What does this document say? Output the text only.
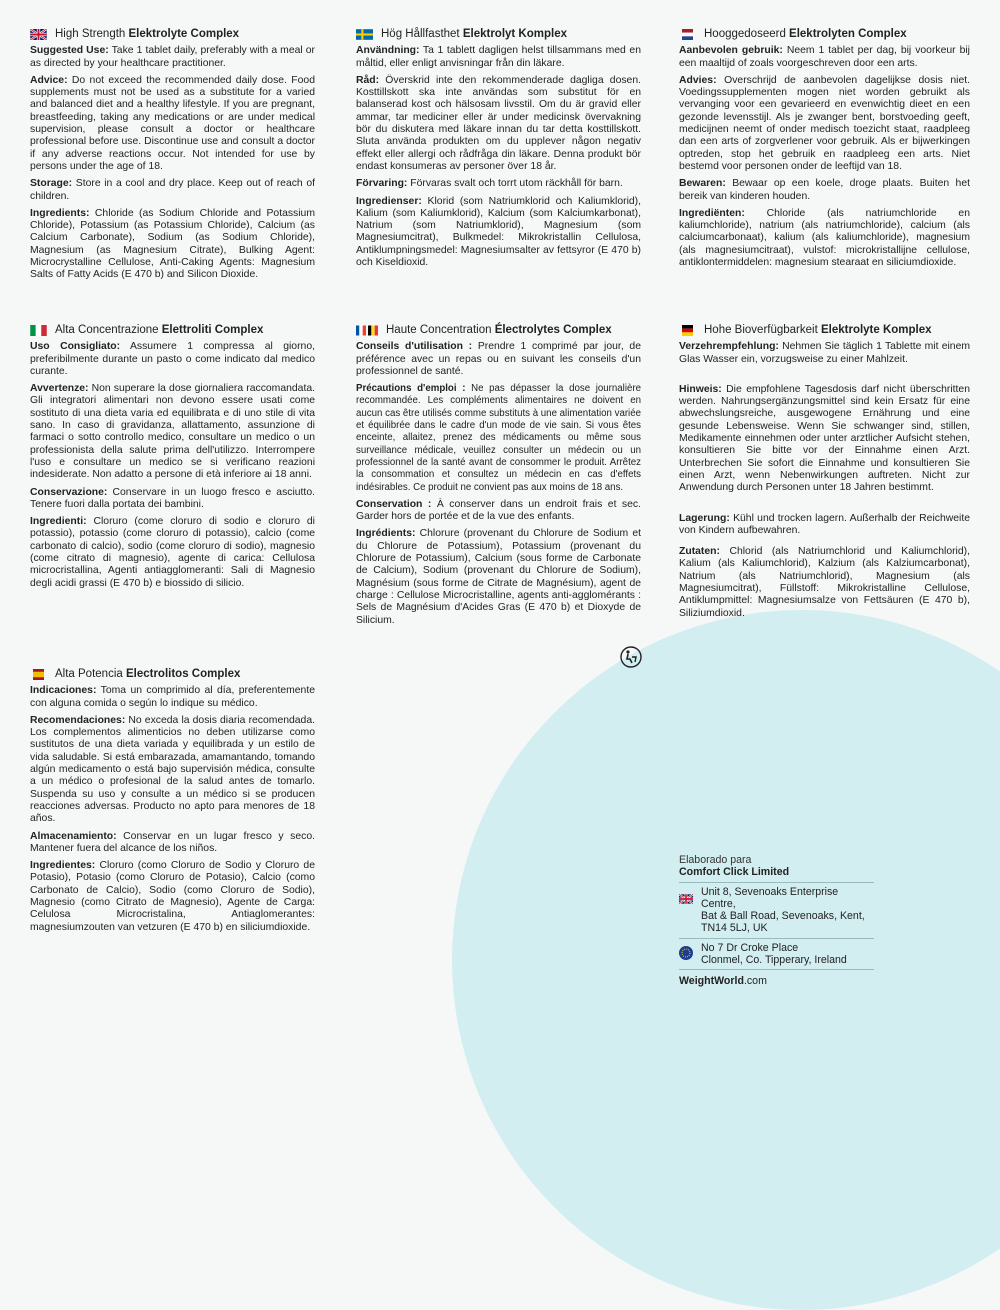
High Strength Elektrolyte Complex

Suggested Use: Take 1 tablet daily, preferably with a meal or as directed by your healthcare practitioner.

Advice: Do not exceed the recommended daily dose. Food supplements must not be used as a substitute for a varied and balanced diet and a healthy lifestyle. If you are pregnant, breastfeeding, taking any medications or are under medical supervision, please consult a doctor or healthcare professional before use. Discontinue use and consult a doctor if any adverse reactions occur. Not intended for use by persons under the age of 18.

Storage: Store in a cool and dry place. Keep out of reach of children.

Ingredients: Chloride (as Sodium Chloride and Potassium Chloride), Potassium (as Potassium Chloride), Calcium (as Calcium Carbonate), Sodium (as Sodium Chloride), Magnesium (as Magnesium Citrate), Bulking Agent: Microcrystalline Cellulose, Anti-Caking Agents: Magnesium Salts of Fatty Acids (E 470 b) and Silicon Dioxide.

Alta Concentrazione Elettroliti Complex

Uso Consigliato: Assumere 1 compressa al giorno, preferibilmente durante un pasto o come indicato dal medico curante.

Avvertenze: Non superare la dose giornaliera raccomandata. Gli integratori alimentari non devono essere usati come sostituto di una dieta varia ed equilibrata e di uno stile di vita sano. In caso di gravidanza, allattamento, assunzione di farmaci o sotto controllo medico, consultare un medico o un professionista della salute prima dell'utilizzo. Interrompere l'uso e consultare un medico se si verificano reazioni indesiderate. Non adatto a persone di età inferiore ai 18 anni.

Conservazione: Conservare in un luogo fresco e asciutto. Tenere fuori dalla portata dei bambini.

Ingredienti: Cloruro (come cloruro di sodio e cloruro di potassio), potassio (come cloruro di potassio), calcio (come carbonato di calcio), sodio (come cloruro di sodio), magnesio (come citrato di magnesio), agente di carica: Cellulosa microcristallina, Agenti antiagglomeranti: Sali di Magnesio degli acidi grassi (E 470 b) e biossido di silicio.

Alta Potencia Electrolitos Complex

Indicaciones: Toma un comprimido al día, preferentemente con alguna comida o según lo indique su médico.

Recomendaciones: No exceda la dosis diaria recomendada. Los complementos alimenticios no deben utilizarse como sustitutos de una dieta variada y equilibrada y un estilo de vida saludable. Si está embarazada, amamantando, tomando algún medicamento o está bajo supervisión médica, consulte a un médico o profesional de la salud antes de tomarlo. Suspenda su uso y consulte a un médico si se producen reacciones adversas. Producto no apto para menores de 18 años.

Almacenamiento: Conservar en un lugar fresco y seco. Mantener fuera del alcance de los niños.

Ingredientes: Cloruro (como Cloruro de Sodio y Cloruro de Potasio), Potasio (como Cloruro de Potasio), Calcio (como Carbonato de Calcio), Sodio (como Cloruro de Sodio), Magnesio (como Citrato de Magnesio), Agente de Carga: Celulosa Microcristalina, Antiaglomerantes: magnesiumzouten van vetzuren (E 470 b) en siliciumdioxide.

Hög Hållfasthet Elektrolyt Komplex

Användning: Ta 1 tablett dagligen helst tillsammans med en måltid, eller enligt anvisningar från din läkare.

Råd: Överskrid inte den rekommenderade dagliga dosen. Kosttillskott ska inte användas som substitut för en balanserad kost och hälsosam livsstil. Om du är gravid eller ammar, tar mediciner eller är under medicinsk övervakning bör du diskutera med läkare innan du tar detta kosttillskott. Sluta använda produkten om du upplever någon negativ effekt eller allergi och rådfråga din läkare. Denna produkt bör endast konsumeras av personer över 18 år.

Förvaring: Förvaras svalt och torrt utom räckhåll för barn.

Ingredienser: Klorid (som Natriumklorid och Kaliumklorid), Kalium (som Kaliumklorid), Kalcium (som Kalciumkarbonat), Natrium (som Natriumklorid), Magnesium (som Magnesiumcitrat), Bulkmedel: Mikrokristallin Cellulosa, Antiklumpningsmedel: Magnesiumsalter av fettsyror (E 470 b) och Kiseldioxid.

Haute Concentration Électrolytes Complex

Conseils d'utilisation : Prendre 1 comprimé par jour, de préférence avec un repas ou en suivant les conseils d'un professionnel de santé.

Précautions d'emploi : Ne pas dépasser la dose journalière recommandée. Les compléments alimentaires ne doivent en aucun cas être utilisés comme substituts à une alimentation variée et équilibrée dans le cadre d'un mode de vie sain. Si vous êtes enceinte, allaitez, prenez des médicaments ou même sous surveillance médicale, veuillez consulter un médecin ou un professionnel de la santé avant de consommer le produit. Arrêtez la consommation et consultez un médecin en cas d'effets indésirables. Ce produit ne convient pas aux moins de 18 ans.

Conservation : À conserver dans un endroit frais et sec. Garder hors de portée et de la vue des enfants.

Ingrédients: Chlorure (provenant du Chlorure de Sodium et du Chlorure de Potassium), Potassium (provenant du Chlorure de Potassium), Calcium (sous forme de Carbonate de Calcium), Sodium (provenant du Chlorure de Sodium), Magnésium (sous forme de Citrate de Magnésium), agent de charge : Cellulose Microcristalline, agents anti-agglomérants : Sels de Magnésium d'Acides Gras (E 470 b) et Dioxyde de Silicium.

Hooggedoseerd Elektrolyten Complex

Aanbevolen gebruik: Neem 1 tablet per dag, bij voorkeur bij een maaltijd of zoals voorgeschreven door een arts.

Advies: Overschrijd de aanbevolen dagelijkse dosis niet. Voedingssupplementen mogen niet worden gebruikt als vervanging voor een gevarieerd en evenwichtig dieet en een gezonde levensstijl. Als je zwanger bent, borstvoeding geeft, medicijnen neemt of onder medisch toezicht staat, raadpleeg dan een arts of zorgverlener voor gebruik. Als er bijwerkingen optreden, stop het gebruik en raadpleeg een arts. Niet bestemd voor personen onder de leeftijd van 18.

Bewaren: Bewaar op een koele, droge plaats. Buiten het bereik van kinderen houden.

Ingrediënten: Chloride (als natriumchloride en kaliumchloride), natrium (als natriumchloride), calcium (als calciumcarbonaat), kalium (als kaliumchloride), magnesium (als magnesiumcitraat), vulstof: microkristallijne cellulose, antiklontermiddelen: magnesium stearaat en siliciumdioxide.

Hohe Bioverfügbarkeit Elektrolyte Komplex

Verzehrempfehlung: Nehmen Sie täglich 1 Tablette mit einem Glas Wasser ein, vorzugsweise zu einer Mahlzeit.

Hinweis: Die empfohlene Tagesdosis darf nicht überschritten werden. Nahrungsergänzungsmittel sind kein Ersatz für eine abwechslungsreiche, ausgewogene Ernährung und eine gesunde Lebensweise. Wenn Sie schwanger sind, stillen, Medikamente einnehmen oder unter arztlicher Aufsicht stehen, konsultieren Sie bitte vor der Einnahme einen Arzt. Unterbrechen Sie sofort die Einnahme und konsultieren Sie einen Arzt, wenn Nebenwirkungen auftreten. Nicht zur Anwendung durch Personen unter 18 Jahren bestimmt.

Lagerung: Kühl und trocken lagern. Außerhalb der Reichweite von Kindern aufbewahren.

Zutaten: Chlorid (als Natriumchlorid und Kaliumchlorid), Kalium (als Kaliumchlorid), Kalzium (als Kalziumcarbonat), Natrium (als Natriumchlorid), Magnesium (als Magnesiumcitrat), Füllstoff: Mikrokristalline Cellulose, Antiklumpmittel: Magnesiumsalze von Fettsäuren (E 470 b), Siliziumdioxid.

Elaborado para
Comfort Click Limited
Unit 8, Sevenoaks Enterprise Centre,
Bat & Ball Road, Sevenoaks, Kent,
TN14 5LJ, UK
No 7 Dr Croke Place
Clonmel, Co. Tipperary, Ireland
WeightWorld.com
